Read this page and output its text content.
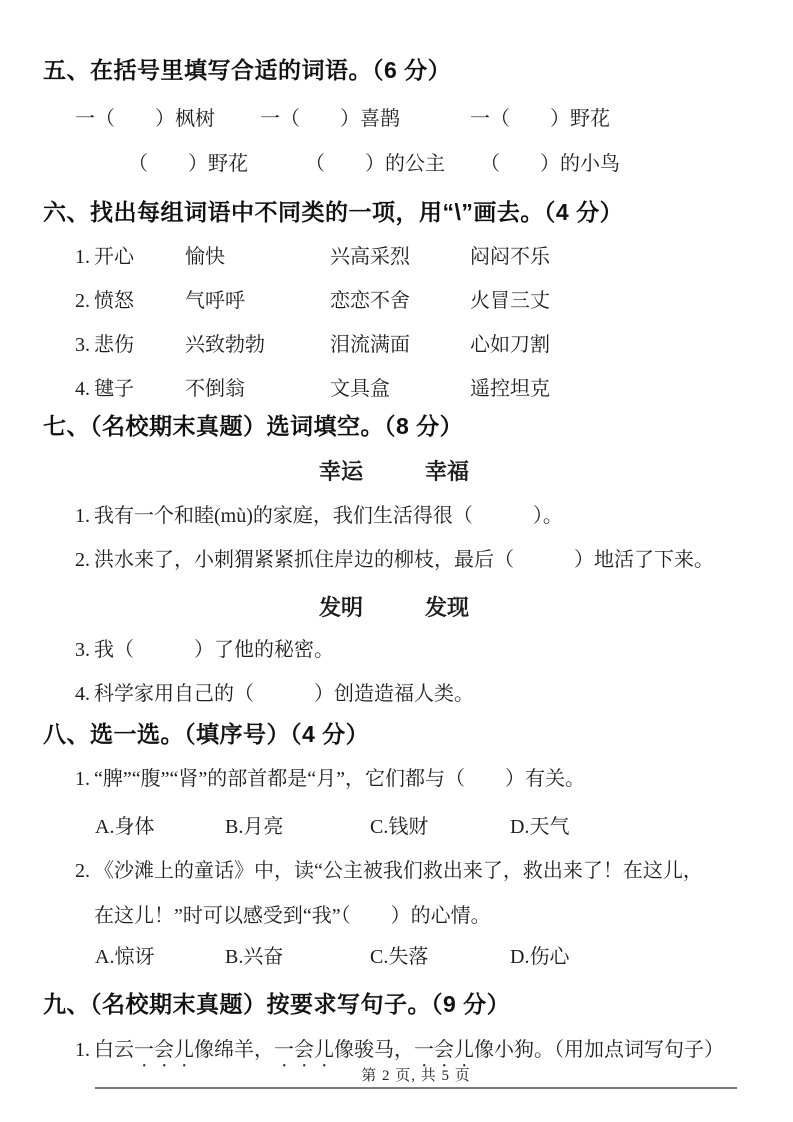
五、在括号里填写合适的词语。（6 分）
一（　　）枫树	一（　　）喜鹊	一（　　）野花
（　　）野花	（　　）的公主	（　　）的小鸟
六、找出每组词语中不同类的一项，用“\”画去。（4 分）
1. 开心	愉快	兴高采烈	闷闷不乐
2. 愤怒	气呼呼	恋恋不舍	火冒三丈
3. 悲伤	兴致勃勃	泪流满面	心如刀割
4. 毽子	不倒翁	文具盒	遥控坦克
七、（名校期末真题）选词填空。（8 分）
幸运	幸福
1. 我有一个和睦(mù)的家庭，我们生活得很（　　　）。
2. 洪水来了，小刺猬紧紧抓住岸边的柳枝，最后（　　　）地活了下来。
发明	发现
3. 我（　　　）了他的秘密。
4. 科学家用自己的（　　　）创造造福人类。
八、选一选。（填序号）（4 分）
1. “脾”“腹”“肾”的部首都是“月”，它们都与（　　）有关。
A.身体	B.月亮	C.钱财	D.天气
2. 《沙滩上的童话》中，读“公主被我们救出来了，救出来了！在这儿，
在这儿！”时可以感受到“我”（　　）的心情。
A.惊讶	B.兴奋	C.失落	D.伤心
九、（名校期末真题）按要求写句子。（9 分）
1. 白云一会儿像绵羊，一会儿像骏马，一会儿像小狗。（用加点词写句子）
第 2 页, 共 5 页
